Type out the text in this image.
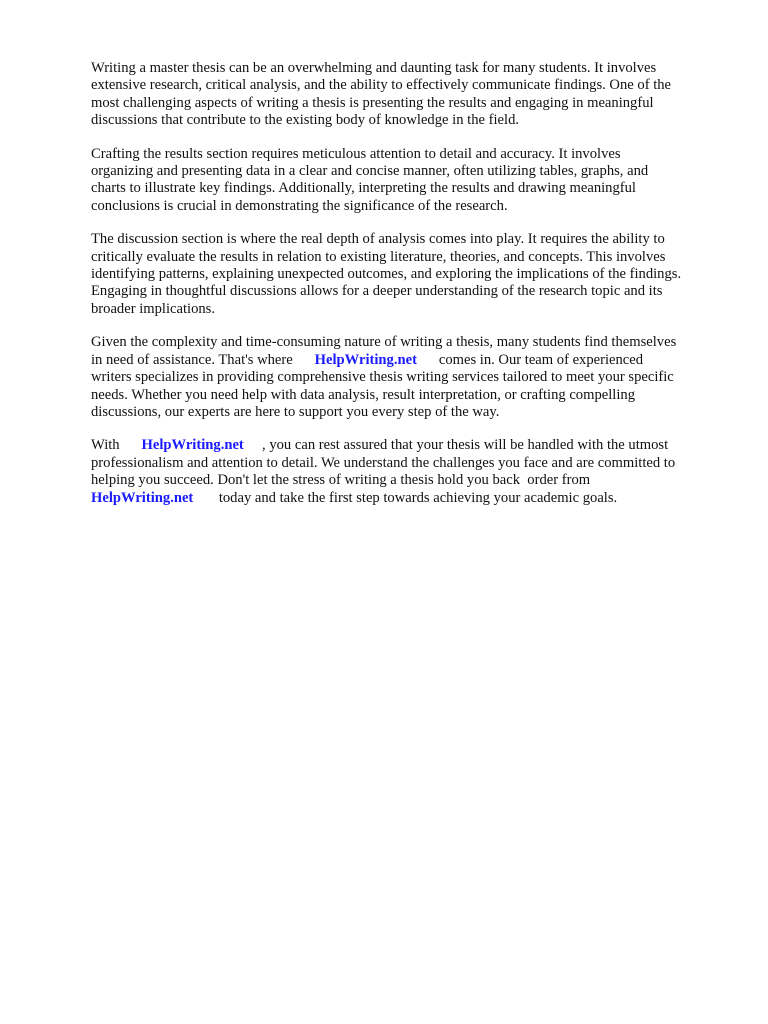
Writing a master thesis can be an overwhelming and daunting task for many students. It involves
extensive research, critical analysis, and the ability to effectively communicate findings. One of the
most challenging aspects of writing a thesis is presenting the results and engaging in meaningful
discussions that contribute to the existing body of knowledge in the field.

Crafting the results section requires meticulous attention to detail and accuracy. It involves
organizing and presenting data in a clear and concise manner, often utilizing tables, graphs, and
charts to illustrate key findings. Additionally, interpreting the results and drawing meaningful
conclusions is crucial in demonstrating the significance of the research.

The discussion section is where the real depth of analysis comes into play. It requires the ability to
critically evaluate the results in relation to existing literature, theories, and concepts. This involves
identifying patterns, explaining unexpected outcomes, and exploring the implications of the findings.
Engaging in thoughtful discussions allows for a deeper understanding of the research topic and its
broader implications.

Given the complexity and time-consuming nature of writing a thesis, many students find themselves
in need of assistance. That's where      HelpWriting.net      comes in. Our team of experienced
writers specializes in providing comprehensive thesis writing services tailored to meet your specific
needs. Whether you need help with data analysis, result interpretation, or crafting compelling
discussions, our experts are here to support you every step of the way.

With      HelpWriting.net     , you can rest assured that your thesis will be handled with the utmost
professionalism and attention to detail. We understand the challenges you face and are committed to
helping you succeed. Don't let the stress of writing a thesis hold you back  order from
HelpWriting.net       today and take the first step towards achieving your academic goals.
